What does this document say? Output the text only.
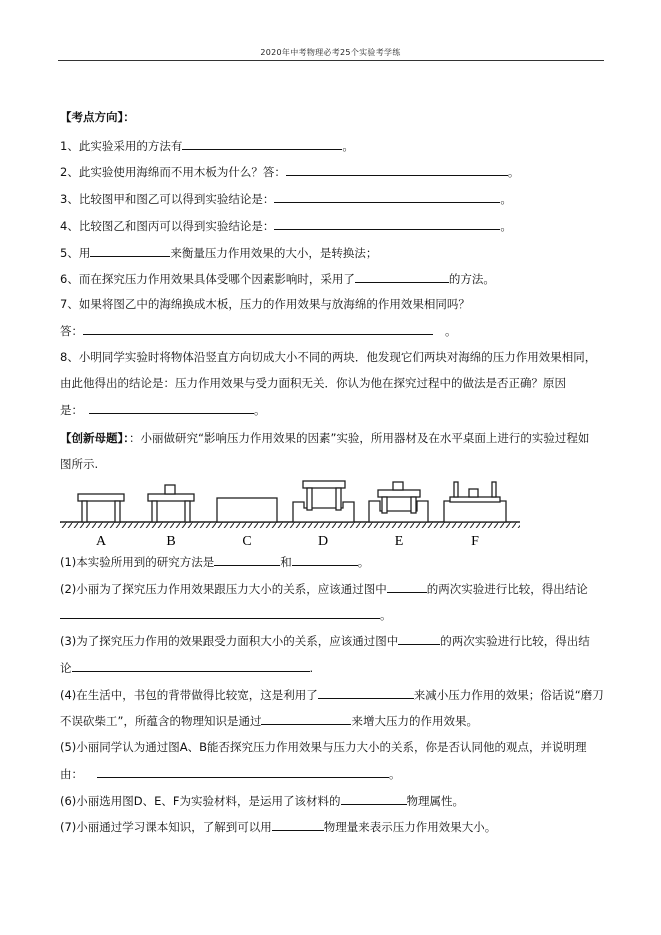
2020年中考物理必考25个实验考学练
【考点方向】：
1、此实验采用的方法有	。
2、此实验使用海绵而不用木板为什么？答：	。
3、比较图甲和图乙可以得到实验结论是：	。
4、比较图乙和图丙可以得到实验结论是：	。
5、用	来衡量压力作用效果的大小，是转换法；
6、而在探究压力作用效果具体受哪个因素影响时，采用了	的方法。
7、如果将图乙中的海绵换成木板，压力的作用效果与放海绵的作用效果相同吗？
答：	。
8、小明同学实验时将物体沿竖直方向切成大小不同的两块．他发现它们两块对海绵的压力作用效果相同，
由此他得出的结论是：压力作用效果与受力面积无关．你认为他在探究过程中的做法是否正确？原因
是：	。
【创新母题】：：小丽做研究“影响压力作用效果的因素”实验，所用器材及在水平桌面上进行的实验过程如
图所示.
A	B	C	D	E	F
(1)本实验所用到的研究方法是	和	。
(2)小丽为了探究压力作用效果跟压力大小的关系，应该通过图中	的两次实验进行比较，得出结论
。
(3)为了探究压力作用的效果跟受力面积大小的关系，应该通过图中	的两次实验进行比较，得出结
论	.
(4)在生活中，书包的背带做得比较宽，这是利用了	来减小压力作用的效果；俗话说“磨刀
不误砍柴工”，所蕴含的物理知识是通过	来增大压力的作用效果。
(5)小丽同学认为通过图A、B能否探究压力作用效果与压力大小的关系，你是否认同他的观点，并说明理
由：	。
(6)小丽选用图D、E、F为实验材料，是运用了该材料的	物理属性。
(7)小丽通过学习课本知识，了解到可以用	物理量来表示压力作用效果大小。
